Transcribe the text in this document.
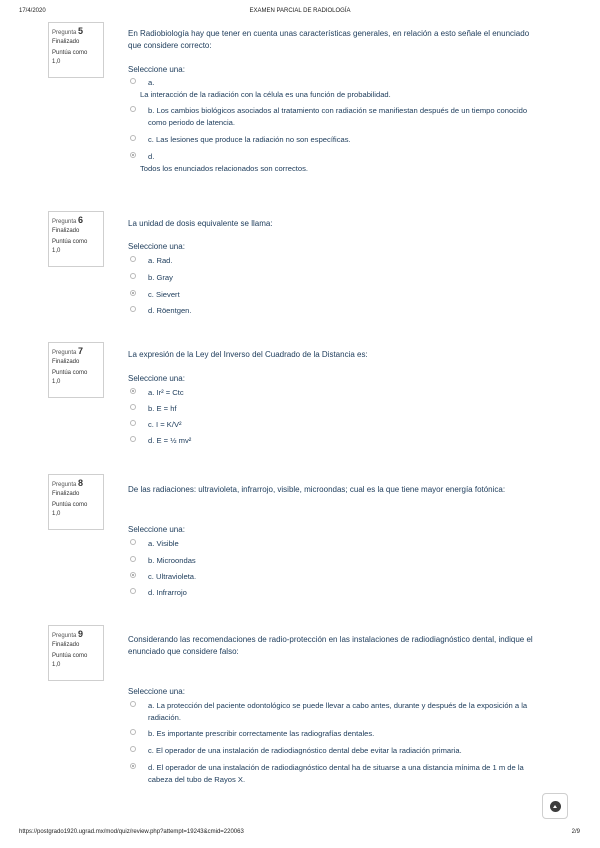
17/4/2020	EXAMEN PARCIAL DE RADIOLOGÍA
Pregunta 5
Finalizado
Puntúa como
1,0
En Radiobiología hay que tener en cuenta unas características generales, en relación a esto señale el enunciado que considere correcto:
Seleccione una:
a.
La interacción de la radiación con la célula es una función de probabilidad.
b. Los cambios biológicos asociados al tratamiento con radiación se manifiestan después de un tiempo conocido como periodo de latencia.
c. Las lesiones que produce la radiación no son específicas.
d.
Todos los enunciados relacionados son correctos.
Pregunta 6
Finalizado
Puntúa como
1,0
La unidad de dosis equivalente se llama:
Seleccione una:
a. Rad.
b. Gray
c. Sievert
d. Röentgen.
Pregunta 7
Finalizado
Puntúa como
1,0
La expresión de la Ley del Inverso del Cuadrado de la Distancia es:
Seleccione una:
a. Ir² = Ctc
b. E = hf
c. I = K/V²
d. E = ½ mv²
Pregunta 8
Finalizado
Puntúa como
1,0
De las radiaciones: ultravioleta, infrarrojo, visible, microondas; cual es la que tiene mayor energía fotónica:
Seleccione una:
a. Visible
b. Microondas
c. Ultravioleta.
d. Infrarrojo
Pregunta 9
Finalizado
Puntúa como
1,0
Considerando las recomendaciones de radio-protección en las instalaciones de radiodiagnóstico dental, indique el enunciado que considere falso:
Seleccione una:
a. La protección del paciente odontológico se puede llevar a cabo antes, durante y después de la exposición a la radiación.
b. Es importante prescribir correctamente las radiografías dentales.
c. El operador de una instalación de radiodiagnóstico dental debe evitar la radiación primaria.
d. El operador de una instalación de radiodiagnóstico dental ha de situarse a una distancia mínima de 1 m de la cabeza del tubo de Rayos X.
https://postgrado1920.ugrad.mx/mod/quiz/review.php?attempt=19243&cmid=220063	2/9
